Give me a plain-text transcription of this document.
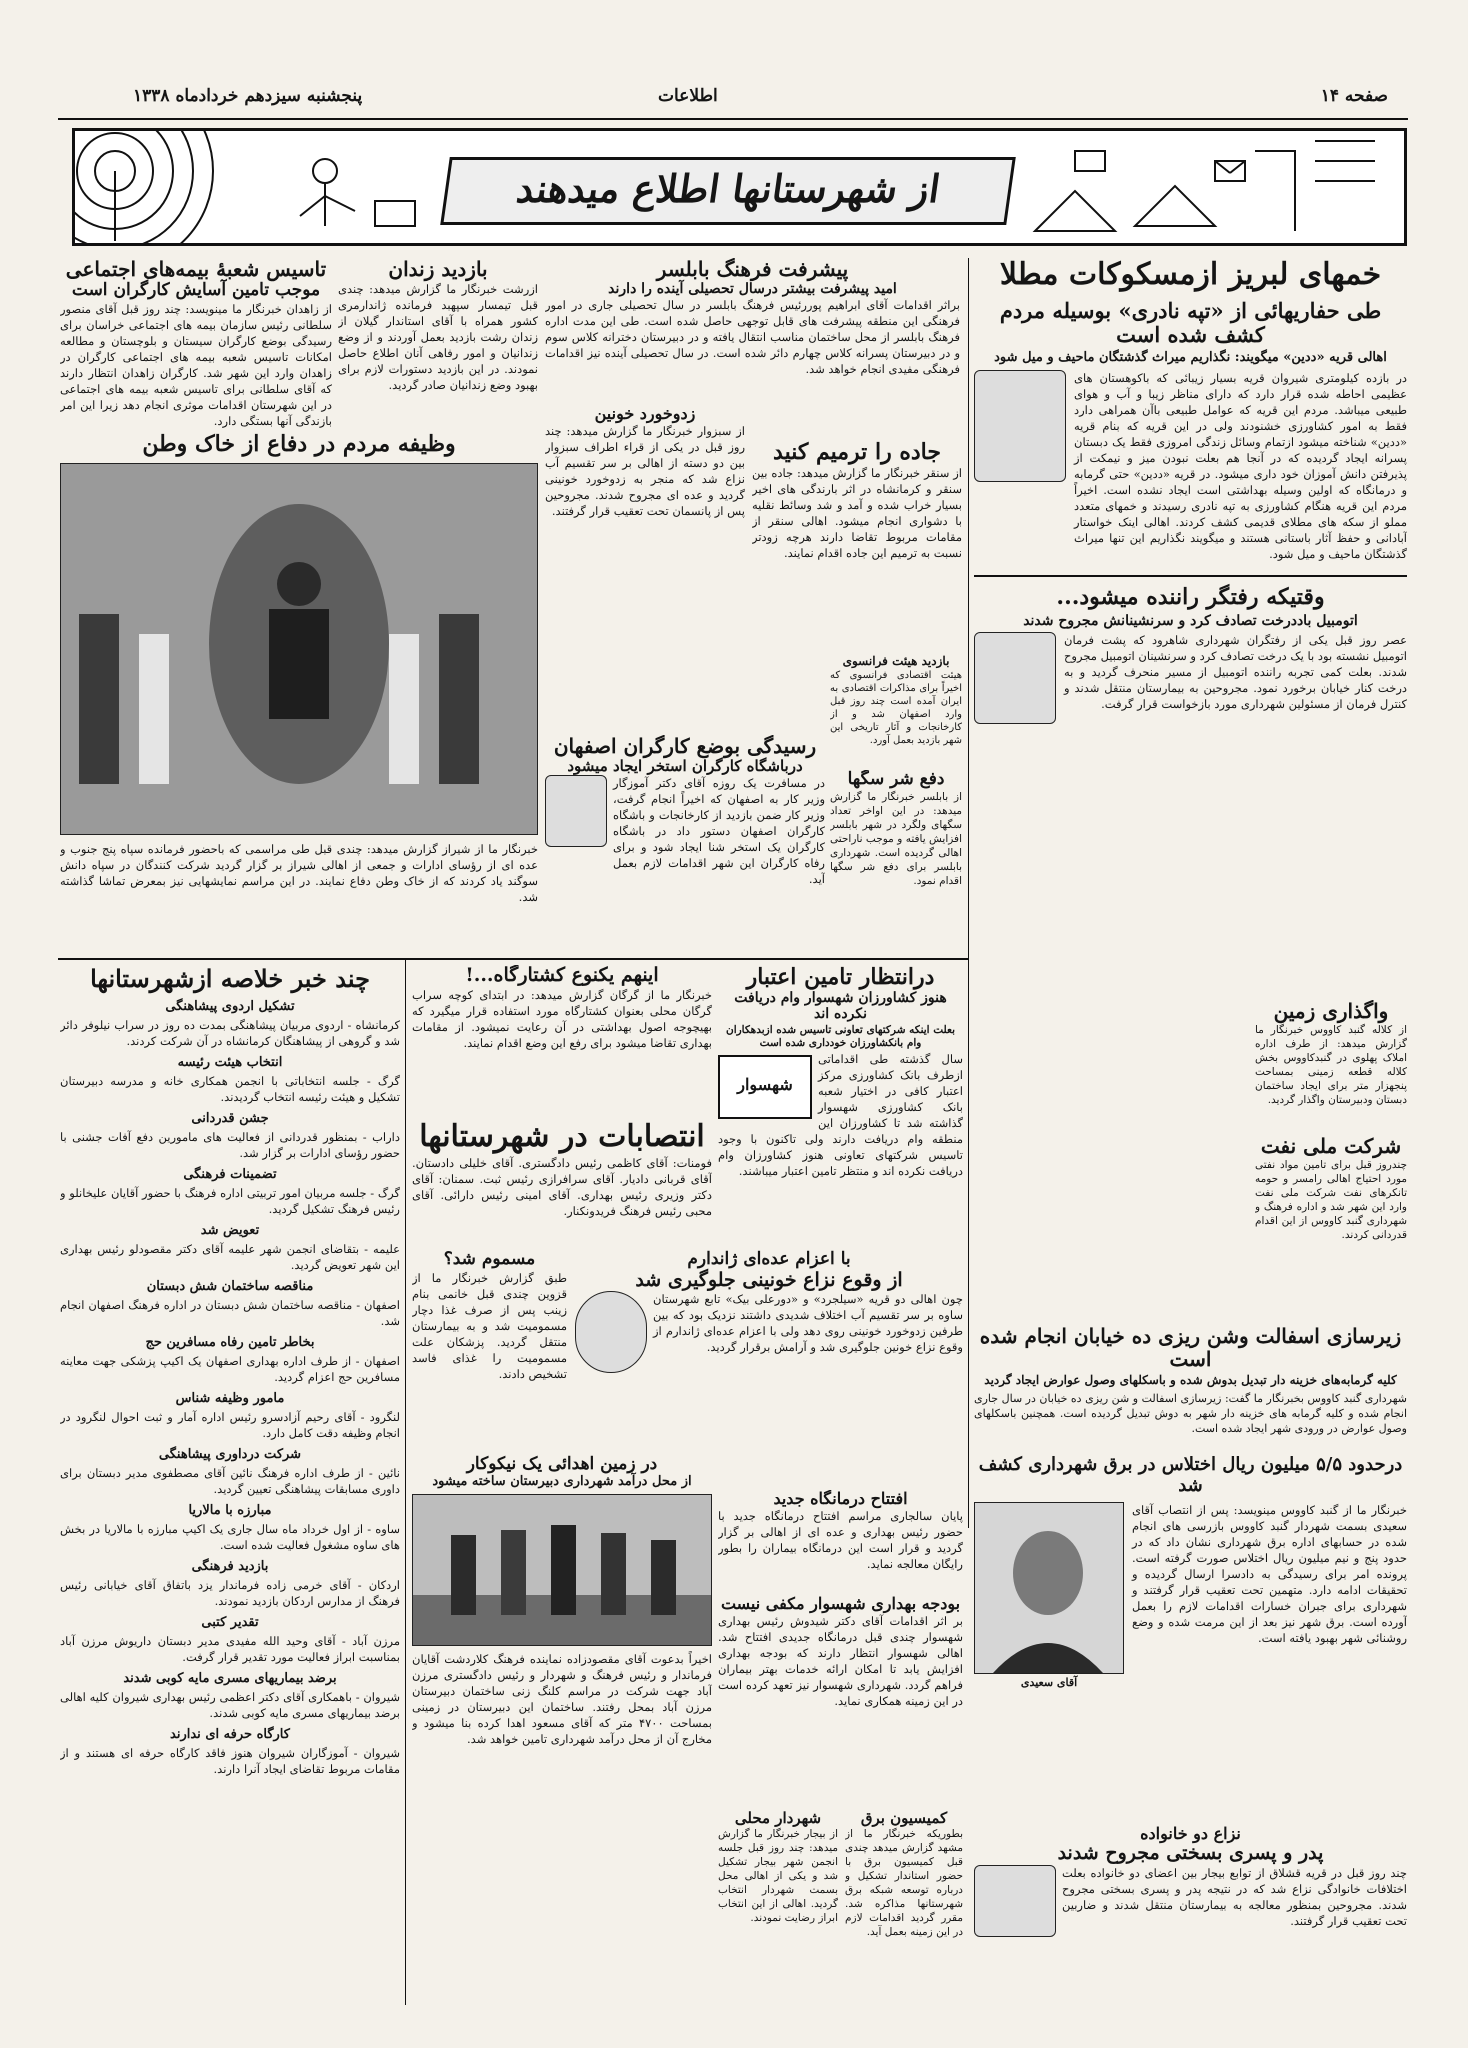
صفحه ۱۴
اطلاعات
پنجشنبه سیزدهم خردادماه ۱۳۳۸
از شهرستانها اطلاع میدهند
خمهای لبریز ازمسکوکات مطلا
طی حفاریهائی از «تپه نادری» بوسیله مردم کشف شده است
اهالی قریه «ددین» میگویند: نگذاریم میراث گذشتگان ماحیف و میل شود

در بازده کیلومتری شیروان قریه بسیار زیبائی که باکوهستان های عظیمی احاطه شده قرار دارد که دارای مناظر زیبا و آب و هوای طبیعی میباشد. مردم این قریه که عوامل طبیعی باآن همراهی دارد فقط به امور کشاورزی خشنودند ولی در این قریه که بنام قریه «ددین» شناخته میشود ازتمام وسائل زندگی امروزی فقط یک دبستان پسرانه ایجاد گردیده که در آنجا هم بعلت نبودن میز و نیمکت از پذیرفتن دانش آموزان خود داری میشود. در قریه «ددین» حتی گرمابه و درمانگاه که اولین وسیله بهداشتی است ایجاد نشده است. اخیراً مردم این قریه هنگام کشاورزی به تپه نادری رسیدند و خمهای متعدد مملو از سکه های مطلای قدیمی کشف کردند. اهالی اینک خواستار آبادانی و حفظ آثار باستانی هستند و میگویند نگذاریم این تنها میراث گذشتگان ماحیف و میل شود.

وقتیکه رفتگر راننده میشود...
اتومبیل باددرخت تصادف کرد و سرنشینانش مجروح شدند

عصر روز قبل یکی از رفتگران شهرداری شاهرود که پشت فرمان اتومبیل نشسته بود با یک درخت تصادف کرد و سرنشینان اتومبیل مجروح شدند. بعلت کمی تجربه راننده اتومبیل از مسیر منحرف گردید و به درخت کنار خیابان برخورد نمود. مجروحین به بیمارستان منتقل شدند و کنترل فرمان از مسئولین شهرداری مورد بازخواست قرار گرفت.

پیشرفت فرهنگ بابلسر
امید پیشرفت بیشتر درسال تحصیلی آینده را دارند

براثر اقدامات آقای ابراهیم پوررئیس فرهنگ بابلسر در سال تحصیلی جاری در امور فرهنگی این منطقه پیشرفت های قابل توجهی حاصل شده است. طی این مدت اداره فرهنگ بابلسر از محل ساختمان مناسب انتقال یافته و در دبیرستان دخترانه کلاس سوم و در دبیرستان پسرانه کلاس چهارم دائر شده است. در سال تحصیلی آینده نیز اقدامات فرهنگی مفیدی انجام خواهد شد.

بازدید زندان

ازرشت خبرنگار ما گزارش میدهد: چندی قبل تیمسار سپهبد فرمانده ژاندارمری کشور همراه با آقای استاندار گیلان از زندان رشت بازدید بعمل آوردند و از وضع زندانیان و امور رفاهی آنان اطلاع حاصل نمودند. در این بازدید دستورات لازم برای بهبود وضع زندانیان صادر گردید.

تاسیس شعبهٔ بیمه‌های اجتماعی
موجب تامین آسایش کارگران است

از زاهدان خبرنگار ما مینویسد: چند روز قبل آقای منصور سلطانی رئیس سازمان بیمه های اجتماعی خراسان برای رسیدگی بوضع کارگران سیستان و بلوچستان و مطالعه امکانات تاسیس شعبه بیمه های اجتماعی کارگران در زاهدان وارد این شهر شد. کارگران زاهدان انتظار دارند که آقای سلطانی برای تاسیس شعبه بیمه های اجتماعی در این شهرستان اقدامات موثری انجام دهد زیرا این امر بازندگی آنها بستگی دارد.

وظیفه مردم در دفاع از خاک وطن

خبرنگار ما از شیراز گزارش میدهد: چندی قبل طی مراسمی که باحضور فرمانده سپاه پنج جنوب و عده ای از رؤسای ادارات و جمعی از اهالی شیراز بر گزار گردید شرکت کنندگان در سپاه دانش سوگند یاد کردند که از خاک وطن دفاع نمایند. در این مراسم نمایشهایی نیز بمعرض تماشا گذاشته شد.

زدوخورد خونین

از سبزوار خبرنگار ما گزارش میدهد: چند روز قبل در یکی از قراء اطراف سبزوار بین دو دسته از اهالی بر سر تقسیم آب نزاع شد که منجر به زدوخورد خونینی گردید و عده ای مجروح شدند. مجروحین پس از پانسمان تحت تعقیب قرار گرفتند.

جاده را ترمیم کنید

از سنقر خبرنگار ما گزارش میدهد: جاده بین سنقر و کرمانشاه در اثر بارندگی های اخیر بسیار خراب شده و آمد و شد وسائط نقلیه با دشواری انجام میشود. اهالی سنقر از مقامات مربوط تقاضا دارند هرچه زودتر نسبت به ترمیم این جاده اقدام نمایند.

بازدید هیئت فرانسوی

هیئت اقتصادی فرانسوی که اخیراً برای مذاکرات اقتصادی به ایران آمده است چند روز قبل وارد اصفهان شد و از کارخانجات و آثار تاریخی این شهر بازدید بعمل آورد.

رسیدگی بوضع کارگران اصفهان
درباشگاه کارگران استخر ایجاد میشود

در مسافرت یک روزه آقای دکتر آموزگار وزیر کار به اصفهان که اخیراً انجام گرفت، وزیر کار ضمن بازدید از کارخانجات و باشگاه کارگران اصفهان دستور داد در باشگاه کارگران یک استخر شنا ایجاد شود و برای رفاه کارگران این شهر اقدامات لازم بعمل آید.

دفع شر سگها

از بابلسر خبرنگار ما گزارش میدهد: در این اواخر تعداد سگهای ولگرد در شهر بابلسر افزایش یافته و موجب ناراحتی اهالی گردیده است. شهرداری بابلسر برای دفع شر سگها اقدام نمود.

چند خبر خلاصه ازشهرستانها
تشکیل اردوی پیشاهنگی

کرمانشاه - اردوی مربیان پیشاهنگی بمدت ده روز در سراب نیلوفر دائر شد و گروهی از پیشاهنگان کرمانشاه در آن شرکت کردند.

انتخاب هیئت رئیسه

گرگ - جلسه انتخاباتی با انجمن همکاری خانه و مدرسه دبیرستان تشکیل و هیئت رئیسه انتخاب گردیدند.

جشن قدردانی

داراب - بمنظور قدردانی از فعالیت های مامورین دفع آفات جشنی با حضور رؤسای ادارات بر گزار شد.

تضمینات فرهنگی

گرگ - جلسه مربیان امور تربیتی اداره فرهنگ با حضور آقایان علیخانلو و رئیس فرهنگ تشکیل گردید.

تعویض شد

علیمه - بتقاضای انجمن شهر علیمه آقای دکتر مقصودلو رئیس بهداری این شهر تعویض گردید.

مناقصه ساختمان شش دبستان

اصفهان - مناقصه ساختمان شش دبستان در اداره فرهنگ اصفهان انجام شد.

بخاطر تامین رفاه مسافرین حج

اصفهان - از طرف اداره بهداری اصفهان یک اکیپ پزشکی جهت معاینه مسافرین حج اعزام گردید.

مامور وظیفه شناس

لنگرود - آقای رحیم آزادسرو رئیس اداره آمار و ثبت احوال لنگرود در انجام وظیفه دقت کامل دارد.

شرکت درداوری پیشاهنگی

نائین - از طرف اداره فرهنگ نائین آقای مصطفوی مدیر دبستان برای داوری مسابقات پیشاهنگی تعیین گردید.

مبارزه با مالاریا

ساوه - از اول خرداد ماه سال جاری یک اکیپ مبارزه با مالاریا در بخش های ساوه مشغول فعالیت شده است.

بازدید فرهنگی

اردکان - آقای خرمی زاده فرماندار یزد باتفاق آقای خیابانی رئیس فرهنگ از مدارس اردکان بازدید نمودند.

تقدیر کتبی

مرزن آباد - آقای وحید الله مفیدی مدیر دبستان داریوش مرزن آباد بمناسبت ابراز فعالیت مورد تقدیر قرار گرفت.

برضد بیماریهای مسری مایه کوبی شدند

شیروان - باهمکاری آقای دکتر اعظمی رئیس بهداری شیروان کلیه اهالی برضد بیماریهای مسری مایه کوبی شدند.

کارگاه حرفه ای ندارند

شیروان - آموزگاران شیروان هنوز فاقد کارگاه حرفه ای هستند و از مقامات مربوط تقاضای ایجاد آنرا دارند.

اینهم یکنوع کشتارگاه...!

خبرنگار ما از گرگان گزارش میدهد: در ابتدای کوچه سراب گرگان محلی بعنوان کشتارگاه مورد استفاده قرار میگیرد که بهیچوجه اصول بهداشتی در آن رعایت نمیشود. از مقامات بهداری تقاضا میشود برای رفع این وضع اقدام نمایند.

درانتظار تامین اعتبار
هنوز کشاورزان شهسوار وام دریافت نکرده اند
بعلت اینکه شرکتهای تعاونی تاسیس شده ازبدهکاران وام بانکشاورزان خودداری شده است
شهسوار

سال گذشته طی اقداماتی ازطرف بانک کشاورزی مرکز اعتبار کافی در اختیار شعبه بانک کشاورزی شهسوار گذاشته شد تا کشاورزان این منطقه وام دریافت دارند ولی تاکنون با وجود تاسیس شرکتهای تعاونی هنوز کشاورزان وام دریافت نکرده اند و منتظر تامین اعتبار میباشند.

انتصابات در شهرستانها

فومنات: آقای کاظمی رئیس دادگستری. آقای خلیلی دادستان. آقای قربانی دادیار. آقای سرافرازی رئیس ثبت. سمنان: آقای دکتر وزیری رئیس بهداری. آقای امینی رئیس دارائی. آقای محبی رئیس فرهنگ فریدونکنار.

مسموم شد؟

طبق گزارش خبرنگار ما از قزوین چندی قبل خانمی بنام زینب پس از صرف غذا دچار مسمومیت شد و به بیمارستان منتقل گردید. پزشکان علت مسمومیت را غذای فاسد تشخیص دادند.

با اعزام عده‌ای ژاندارم
از وقوع نزاع خونینی جلوگیری شد

چون اهالی دو قریه «سیلجرد» و «دورعلی بیک» تابع شهرستان ساوه بر سر تقسیم آب اختلاف شدیدی داشتند نزدیک بود که بین طرفین زدوخورد خونینی روی دهد ولی با اعزام عده‌ای ژاندارم از وقوع نزاع خونین جلوگیری شد و آرامش برقرار گردید.

در زمین اهدائی یک نیکوکار
از محل درآمد شهرداری دبیرستان ساخته میشود

اخیراً بدعوت آقای مقصودزاده نماینده فرهنگ کلاردشت آقایان فرماندار و رئیس فرهنگ و شهردار و رئیس دادگستری مرزن آباد جهت شرکت در مراسم کلنگ زنی ساختمان دبیرستان مرزن آباد بمحل رفتند. ساختمان این دبیرستان در زمینی بمساحت ۴۷۰۰ متر که آقای مسعود اهدا کرده بنا میشود و مخارج آن از محل درآمد شهرداری تامین خواهد شد.

افتتاح درمانگاه جدید

پایان سالجاری مراسم افتتاح درمانگاه جدید با حضور رئیس بهداری و عده ای از اهالی بر گزار گردید و قرار است این درمانگاه بیماران را بطور رایگان معالجه نماید.

بودجه بهداری شهسوار مکفی نیست

بر اثر اقدامات آقای دکتر شیدوش رئیس بهداری شهسوار چندی قبل درمانگاه جدیدی افتتاح شد. اهالی شهسوار انتظار دارند که بودجه بهداری افزایش یابد تا امکان ارائه خدمات بهتر بیماران فراهم گردد. شهرداری شهسوار نیز تعهد کرده است در این زمینه همکاری نماید.

شهردار محلی

از بیجار خبرنگار ما گزارش میدهد: چند روز قبل جلسه انجمن شهر بیجار تشکیل شد و یکی از اهالی محل بسمت شهردار انتخاب گردید. اهالی از این انتخاب ابراز رضایت نمودند.

کمیسیون برق

بطوریکه خبرنگار ما از مشهد گزارش میدهد چندی قبل کمیسیون برق با حضور استاندار تشکیل و درباره توسعه شبکه برق شهرستانها مذاکره شد. مقرر گردید اقدامات لازم در این زمینه بعمل آید.

واگذاری زمین

از کلاله گنبد کاووس خبرنگار ما گزارش میدهد: از طرف اداره املاک پهلوی در گنبدکاووس بخش کلاله قطعه زمینی بمساحت پنجهزار متر برای ایجاد ساختمان دبستان ودبیرستان واگذار گردید.

شرکت ملی نفت

چندروز قبل برای تامین مواد نفتی مورد احتیاج اهالی رامسر و حومه تانکرهای نفت شرکت ملی نفت وارد این شهر شد و اداره فرهنگ و شهرداری گنبد کاووس از این اقدام قدردانی کردند.

زیرسازی اسفالت وشن ریزی ده خیابان انجام شده است
کلیه گرمابه‌های خزینه دار تبدیل بدوش شده و باسکلهای وصول عوارض ایجاد گردید

شهرداری گنبد کاووس بخبرنگار ما گفت: زیرسازی اسفالت و شن ریزی ده خیابان در سال جاری انجام شده و کلیه گرمابه های خزینه دار شهر به دوش تبدیل گردیده است. همچنین باسکلهای وصول عوارض در ورودی شهر ایجاد شده است.

درحدود ۵/۵ میلیون ریال اختلاس در برق شهرداری کشف شد

خبرنگار ما از گنبد کاووس مینویسد: پس از انتصاب آقای سعیدی بسمت شهردار گنبد کاووس بازرسی های انجام شده در حسابهای اداره برق شهرداری نشان داد که در حدود پنج و نیم میلیون ریال اختلاس صورت گرفته است. پرونده امر برای رسیدگی به دادسرا ارسال گردیده و تحقیقات ادامه دارد. متهمین تحت تعقیب قرار گرفتند و شهرداری برای جبران خسارات اقدامات لازم را بعمل آورده است. برق شهر نیز بعد از این مرمت شده و وضع روشنائی شهر بهبود یافته است.

آقای سعیدی
نزاع دو خانواده
پدر و پسری بسختی مجروح شدند

چند روز قبل در قریه قشلاق از توابع بیجار بین اعضای دو خانواده بعلت اختلافات خانوادگی نزاع شد که در نتیجه پدر و پسری بسختی مجروح شدند. مجروحین بمنظور معالجه به بیمارستان منتقل شدند و ضاربین تحت تعقیب قرار گرفتند.
